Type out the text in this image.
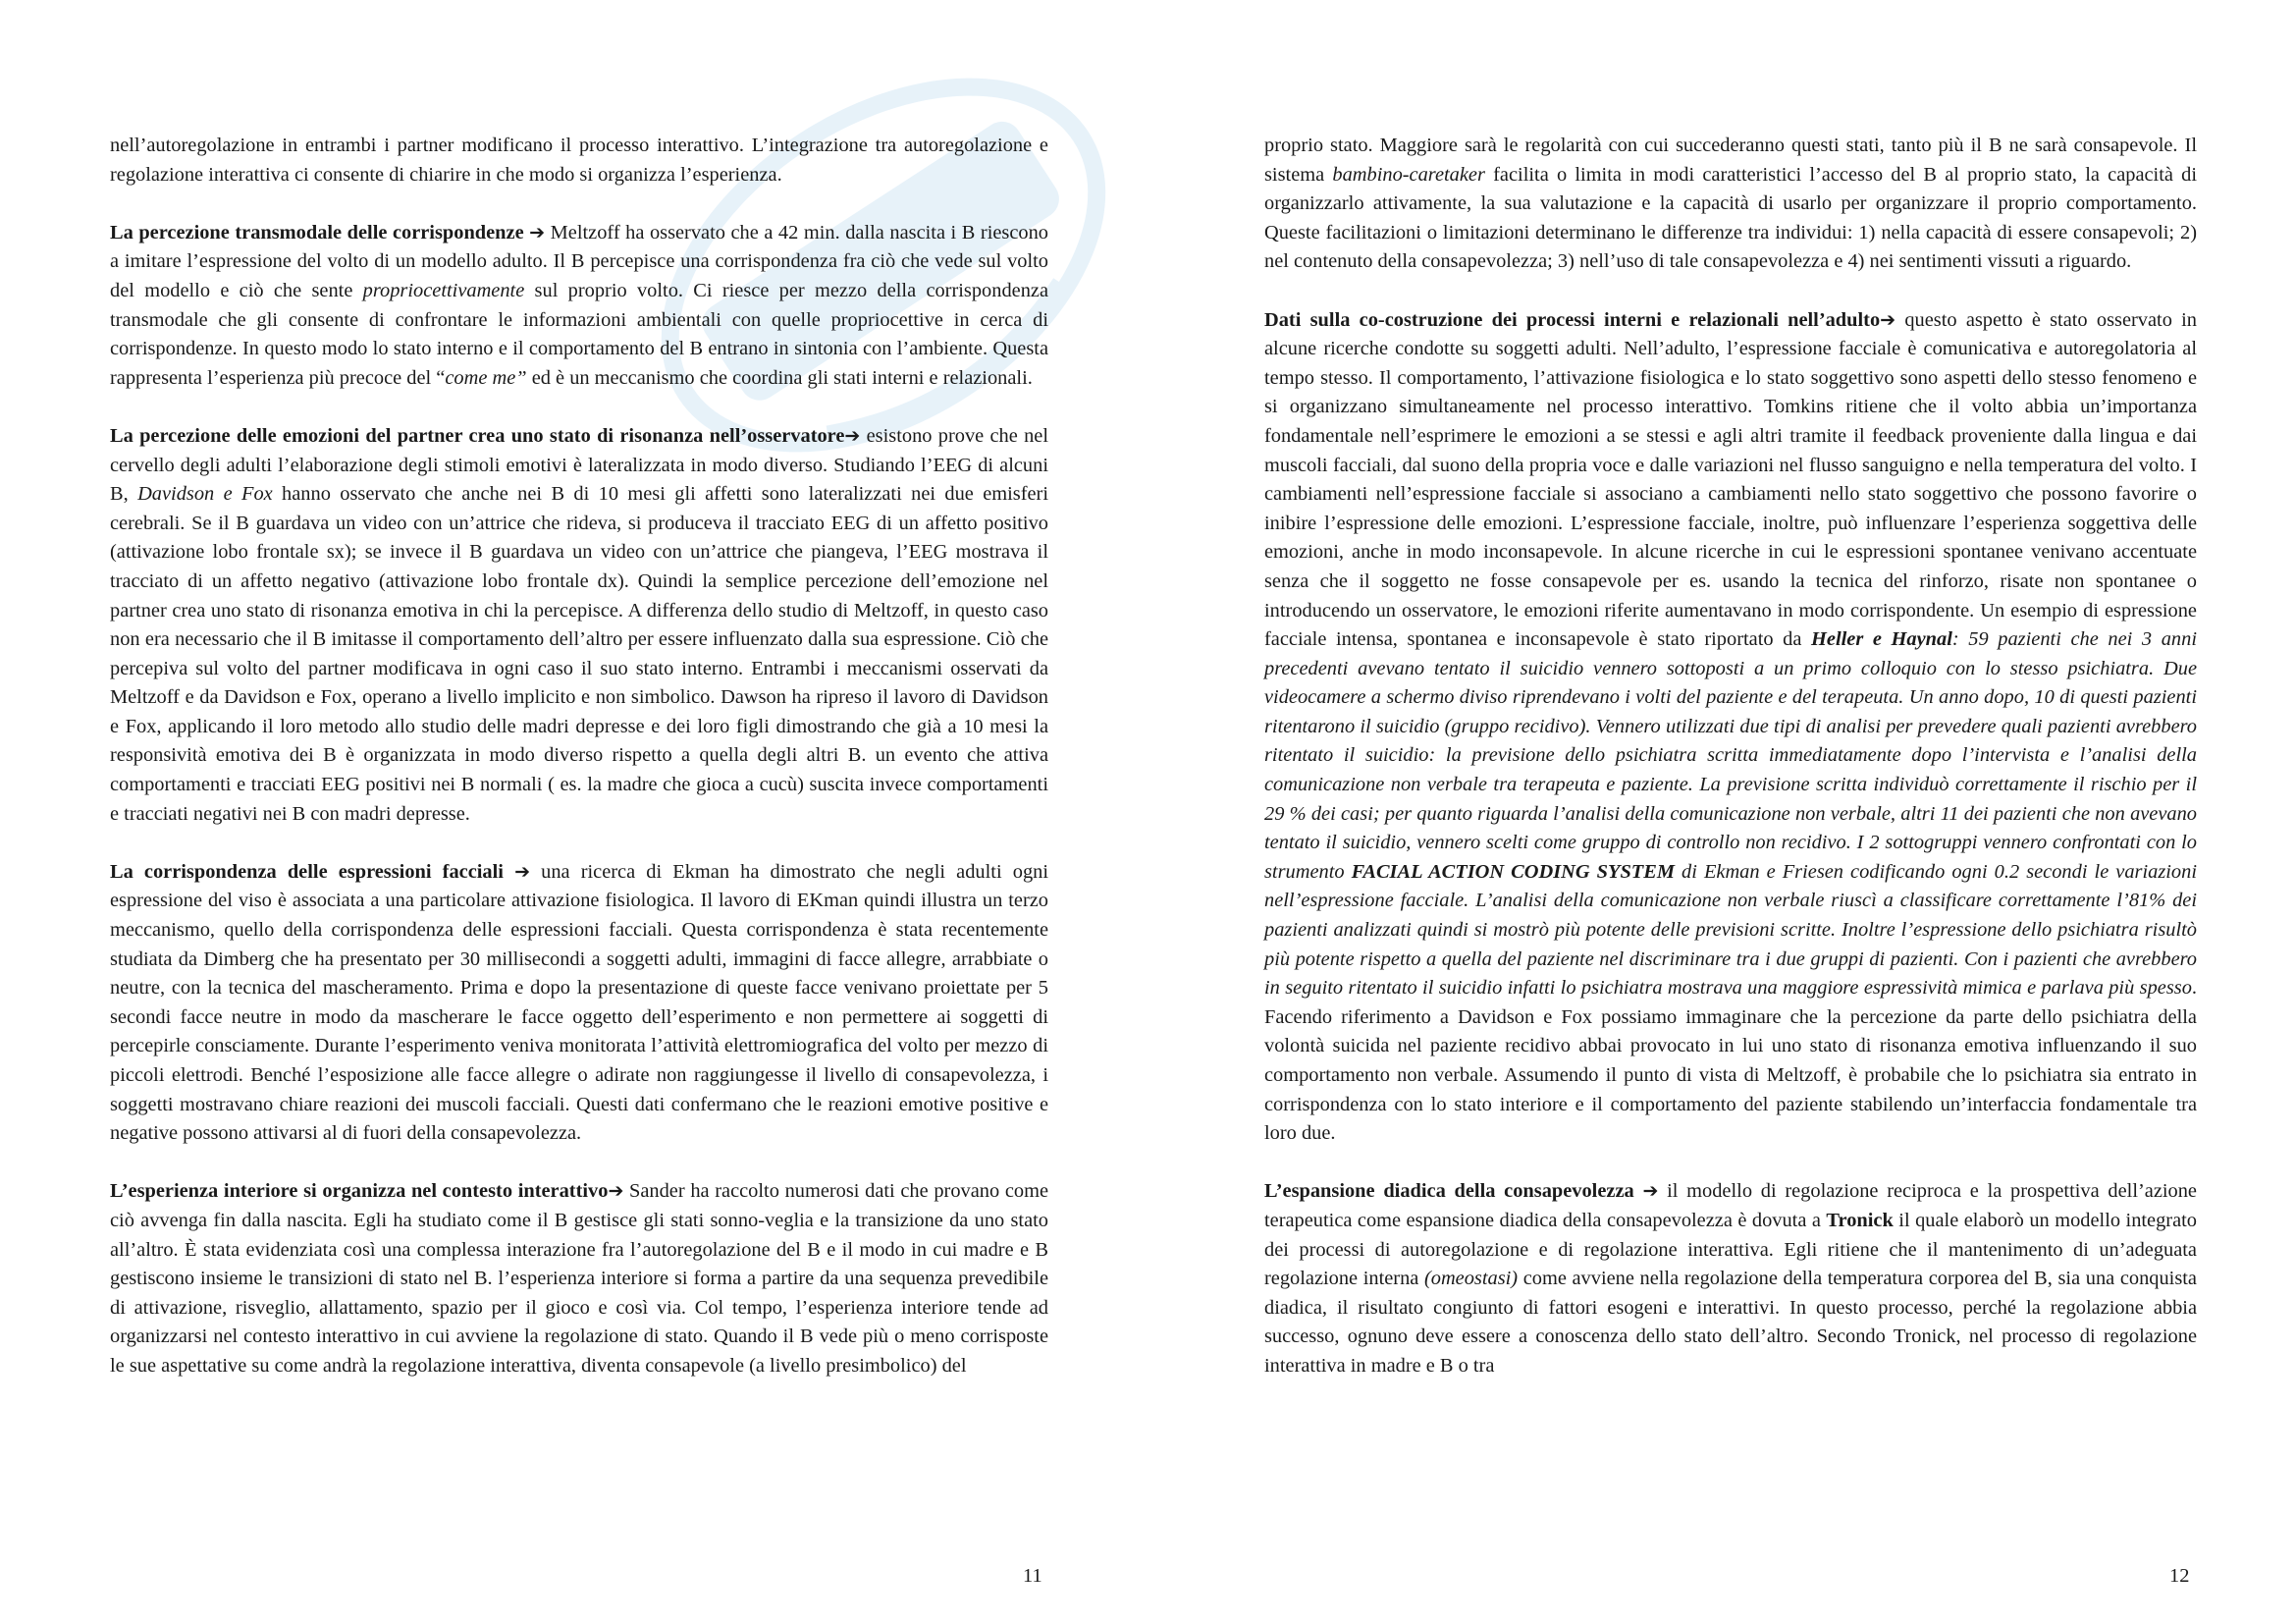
nell’autoregolazione in entrambi i partner modificano il processo interattivo. L’integrazione tra autoregolazione e regolazione interattiva ci consente di chiarire in che modo si organizza l’esperienza.

La percezione transmodale delle corrispondenze ➔ Meltzoff ha osservato che a 42 min. dalla nascita i B riescono a imitare l’espressione del volto di un modello adulto. Il B percepisce una corrispondenza fra ciò che vede sul volto del modello e ciò che sente propriocettivamente sul proprio volto. Ci riesce per mezzo della corrispondenza transmodale che gli consente di confrontare le informazioni ambientali con quelle propriocettive in cerca di corrispondenze. In questo modo lo stato interno e il comportamento del B entrano in sintonia con l’ambiente. Questa rappresenta l’esperienza più precoce del “come me” ed è un meccanismo che coordina gli stati interni e relazionali.

La percezione delle emozioni del partner crea uno stato di risonanza nell’osservatore➔ esistono prove che nel cervello degli adulti l’elaborazione degli stimoli emotivi è lateralizzata in modo diverso. Studiando l’EEG di alcuni B, Davidson e Fox hanno osservato che anche nei B di 10 mesi gli affetti sono lateralizzati nei due emisferi cerebrali. Se il B guardava un video con un’attrice che rideva, si produceva il tracciato EEG di un affetto positivo (attivazione lobo frontale sx); se invece il B guardava un video con un’attrice che piangeva, l’EEG mostrava il tracciato di un affetto negativo (attivazione lobo frontale dx). Quindi la semplice percezione dell’emozione nel partner crea uno stato di risonanza emotiva in chi la percepisce. A differenza dello studio di Meltzoff, in questo caso non era necessario che il B imitasse il comportamento dell’altro per essere influenzato dalla sua espressione. Ciò che percepiva sul volto del partner modificava in ogni caso il suo stato interno. Entrambi i meccanismi osservati da Meltzoff e da Davidson e Fox, operano a livello implicito e non simbolico. Dawson ha ripreso il lavoro di Davidson e Fox, applicando il loro metodo allo studio delle madri depresse e dei loro figli dimostrando che già a 10 mesi la responsività emotiva dei B è organizzata in modo diverso rispetto a quella degli altri B. un evento che attiva comportamenti e tracciati EEG positivi nei B normali ( es. la madre che gioca a cucù) suscita invece comportamenti e tracciati negativi nei B con madri depresse.

La corrispondenza delle espressioni facciali ➔ una ricerca di Ekman ha dimostrato che negli adulti ogni espressione del viso è associata a una particolare attivazione fisiologica. Il lavoro di EKman quindi illustra un terzo meccanismo, quello della corrispondenza delle espressioni facciali. Questa corrispondenza è stata recentemente studiata da Dimberg che ha presentato per 30 millisecondi a soggetti adulti, immagini di facce allegre, arrabbiate o neutre, con la tecnica del mascheramento. Prima e dopo la presentazione di queste facce venivano proiettate per 5 secondi facce neutre in modo da mascherare le facce oggetto dell’esperimento e non permettere ai soggetti di percepirle consciamente. Durante l’esperimento veniva monitorata l’attività elettromiografica del volto per mezzo di piccoli elettrodi. Benché l’esposizione alle facce allegre o adirate non raggiungesse il livello di consapevolezza, i soggetti mostravano chiare reazioni dei muscoli facciali. Questi dati confermano che le reazioni emotive positive e negative possono attivarsi al di fuori della consapevolezza.

L’esperienza interiore si organizza nel contesto interattivo➔ Sander ha raccolto numerosi dati che provano come ciò avvenga fin dalla nascita. Egli ha studiato come il B gestisce gli stati sonno-veglia e la transizione da uno stato all’altro. È stata evidenziata così una complessa interazione fra l’autoregolazione del B e il modo in cui madre e B gestiscono insieme le transizioni di stato nel B. l’esperienza interiore si forma a partire da una sequenza prevedibile di attivazione, risveglio, allattamento, spazio per il gioco e così via. Col tempo, l’esperienza interiore tende ad organizzarsi nel contesto interattivo in cui avviene la regolazione di stato. Quando il B vede più o meno corrisposte le sue aspettative su come andrà la regolazione interattiva, diventa consapevole (a livello presimbolico) del

11

proprio stato. Maggiore sarà le regolarità con cui succederanno questi stati, tanto più il B ne sarà consapevole. Il sistema bambino-caretaker facilita o limita in modi caratteristici l’accesso del B al proprio stato, la capacità di organizzarlo attivamente, la sua valutazione e la capacità di usarlo per organizzare il proprio comportamento. Queste facilitazioni o limitazioni determinano le differenze tra individui: 1) nella capacità di essere consapevoli; 2) nel contenuto della consapevolezza; 3) nell’uso di tale consapevolezza e 4) nei sentimenti vissuti a riguardo.

Dati sulla co-costruzione dei processi interni e relazionali nell’adulto➔ questo aspetto è stato osservato in alcune ricerche condotte su soggetti adulti. Nell’adulto, l’espressione facciale è comunicativa e autoregolatoria al tempo stesso. Il comportamento, l’attivazione fisiologica e lo stato soggettivo sono aspetti dello stesso fenomeno e si organizzano simultaneamente nel processo interattivo. Tomkins ritiene che il volto abbia un’importanza fondamentale nell’esprimere le emozioni a se stessi e agli altri tramite il feedback proveniente dalla lingua e dai muscoli facciali, dal suono della propria voce e dalle variazioni nel flusso sanguigno e nella temperatura del volto. I cambiamenti nell’espressione facciale si associano a cambiamenti nello stato soggettivo che possono favorire o inibire l’espressione delle emozioni. L’espressione facciale, inoltre, può influenzare l’esperienza soggettiva delle emozioni, anche in modo inconsapevole. In alcune ricerche in cui le espressioni spontanee venivano accentuate senza che il soggetto ne fosse consapevole per es. usando la tecnica del rinforzo, risate non spontanee o introducendo un osservatore, le emozioni riferite aumentavano in modo corrispondente. Un esempio di espressione facciale intensa, spontanea e inconsapevole è stato riportato da Heller e Haynal: 59 pazienti che nei 3 anni precedenti avevano tentato il suicidio vennero sottoposti a un primo colloquio con lo stesso psichiatra. Due videocamere a schermo diviso riprendevano i volti del paziente e del terapeuta. Un anno dopo, 10 di questi pazienti ritentarono il suicidio (gruppo recidivo). Vennero utilizzati due tipi di analisi per prevedere quali pazienti avrebbero ritentato il suicidio: la previsione dello psichiatra scritta immediatamente dopo l’intervista e l’analisi della comunicazione non verbale tra terapeuta e paziente. La previsione scritta individuò correttamente il rischio per il 29 % dei casi; per quanto riguarda l’analisi della comunicazione non verbale, altri 11 dei pazienti che non avevano tentato il suicidio, vennero scelti come gruppo di controllo non recidivo. I 2 sottogruppi vennero confrontati con lo strumento FACIAL ACTION CODING SYSTEM di Ekman e Friesen codificando ogni 0.2 secondi le variazioni nell’espressione facciale. L’analisi della comunicazione non verbale riuscì a classificare correttamente l’81% dei pazienti analizzati quindi si mostrò più potente delle previsioni scritte. Inoltre l’espressione dello psichiatra risultò più potente rispetto a quella del paziente nel discriminare tra i due gruppi di pazienti. Con i pazienti che avrebbero in seguito ritentato il suicidio infatti lo psichiatra mostrava una maggiore espressività mimica e parlava più spesso. Facendo riferimento a Davidson e Fox possiamo immaginare che la percezione da parte dello psichiatra della volontà suicida nel paziente recidivo abbai provocato in lui uno stato di risonanza emotiva influenzando il suo comportamento non verbale. Assumendo il punto di vista di Meltzoff, è probabile che lo psichiatra sia entrato in corrispondenza con lo stato interiore e il comportamento del paziente stabilendo un’interfaccia fondamentale tra loro due.

L’espansione diadica della consapevolezza ➔ il modello di regolazione reciproca e la prospettiva dell’azione terapeutica come espansione diadica della consapevolezza è dovuta a Tronick il quale elaborò un modello integrato dei processi di autoregolazione e di regolazione interattiva. Egli ritiene che il mantenimento di un’adeguata regolazione interna (omeostasi) come avviene nella regolazione della temperatura corporea del B, sia una conquista diadica, il risultato congiunto di fattori esogeni e interattivi. In questo processo, perché la regolazione abbia successo, ognuno deve essere a conoscenza dello stato dell’altro. Secondo Tronick, nel processo di regolazione interattiva in madre e B o tra

12
